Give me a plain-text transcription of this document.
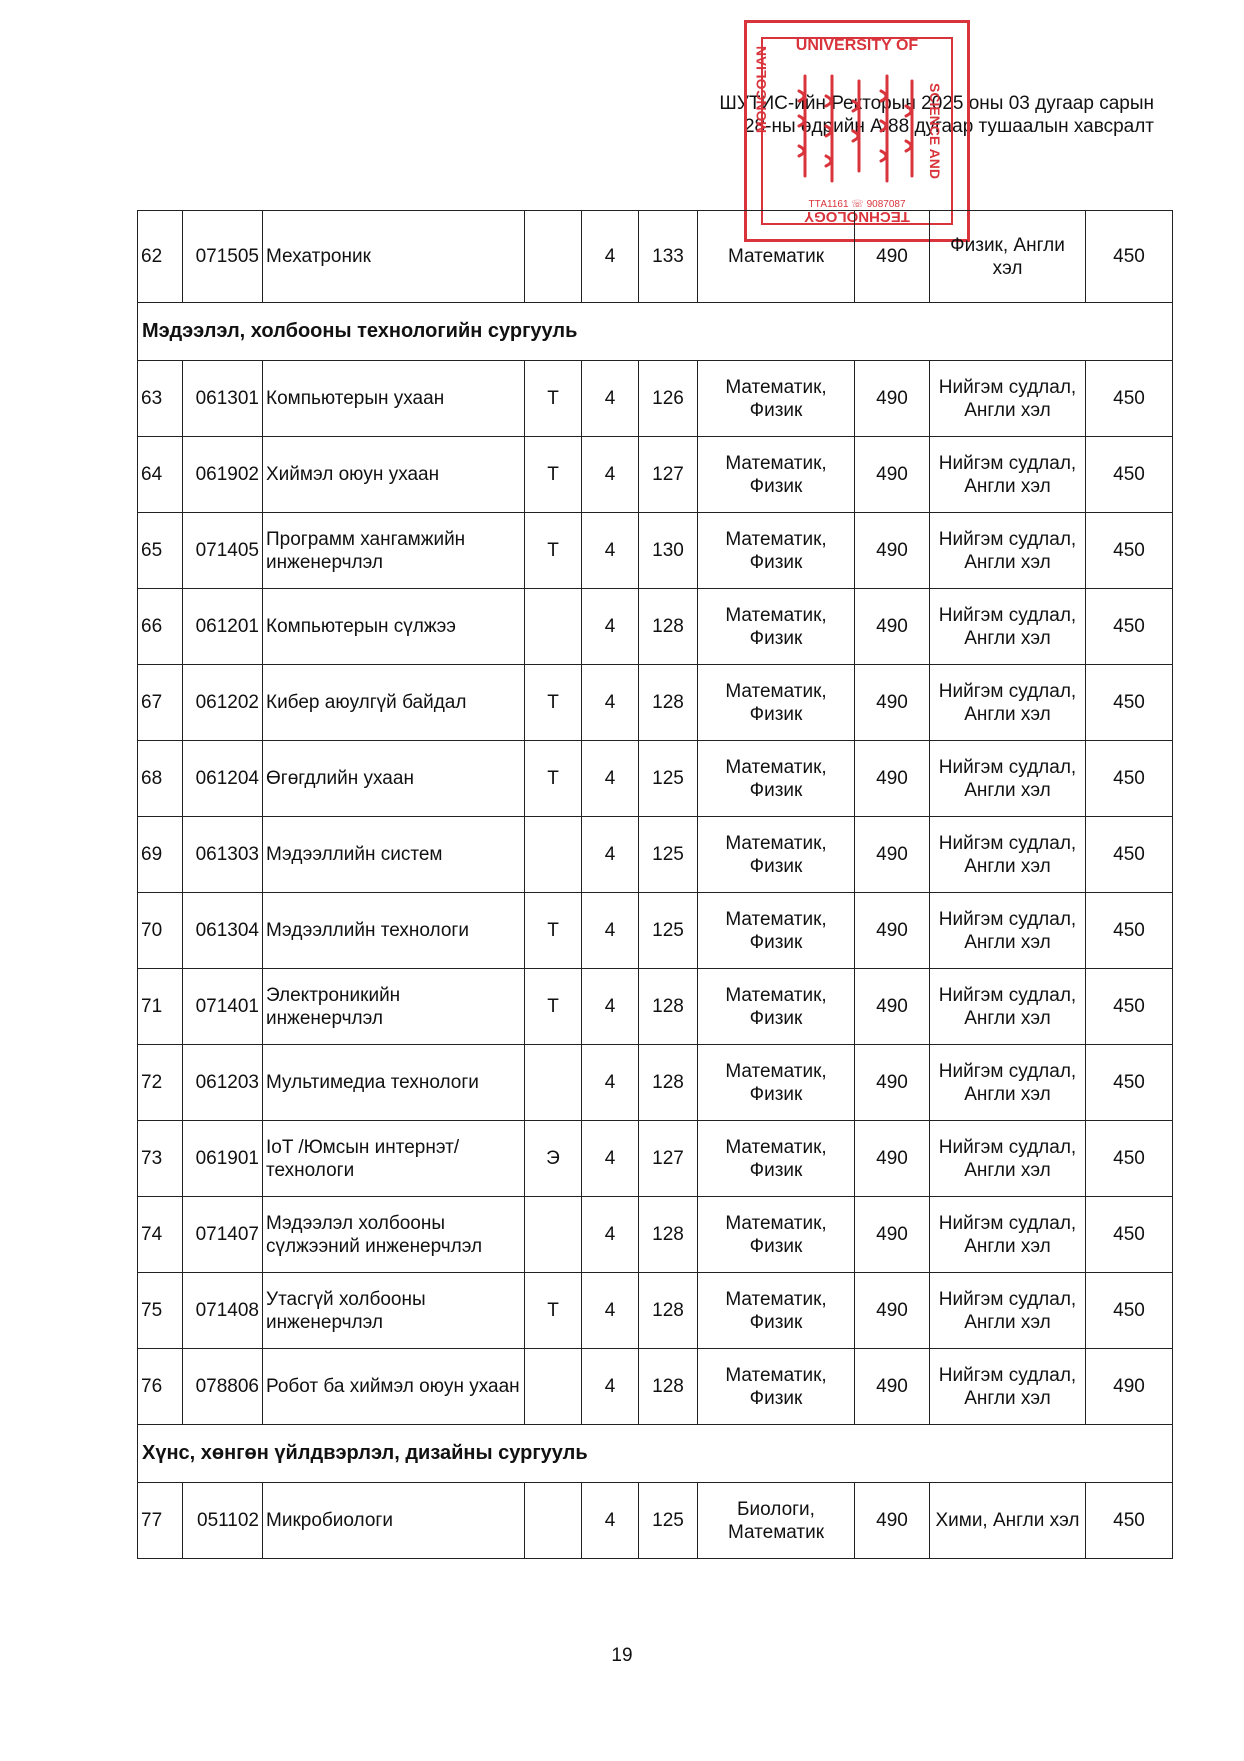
ШУТИС-ийн Ректорын 2025 оны 03 дугаар сарын
28-ны өдрийн А/88 дугаар тушаалын хавсралт
UNIVERSITY OF
MONGOLIAN	SCIENCE AND
ТТА1161 ☏ 9087087
TECHNOLOGY
62	071505	Мехатроник		4	133	Математик	490	Физик, Англи хэл	450
Мэдээлэл, холбооны технологийн сургууль									
63	061301	Компьютерын ухаан	Т	4	126	Математик, Физик	490	Нийгэм судлал, Англи хэл	450
64	061902	Хиймэл оюун ухаан	Т	4	127	Математик, Физик	490	Нийгэм судлал, Англи хэл	450
65	071405	Программ хангамжийн инженерчлэл	Т	4	130	Математик, Физик	490	Нийгэм судлал, Англи хэл	450
66	061201	Компьютерын сүлжээ		4	128	Математик, Физик	490	Нийгэм судлал, Англи хэл	450
67	061202	Кибер аюулгүй байдал	Т	4	128	Математик, Физик	490	Нийгэм судлал, Англи хэл	450
68	061204	Өгөгдлийн ухаан	Т	4	125	Математик, Физик	490	Нийгэм судлал, Англи хэл	450
69	061303	Мэдээллийн систем		4	125	Математик, Физик	490	Нийгэм судлал, Англи хэл	450
70	061304	Мэдээллийн технологи	Т	4	125	Математик, Физик	490	Нийгэм судлал, Англи хэл	450
71	071401	Электроникийн инженерчлэл	Т	4	128	Математик, Физик	490	Нийгэм судлал, Англи хэл	450
72	061203	Мультимедиа технологи		4	128	Математик, Физик	490	Нийгэм судлал, Англи хэл	450
73	061901	IoT /Юмсын интернэт/ технологи	Э	4	127	Математик, Физик	490	Нийгэм судлал, Англи хэл	450
74	071407	Мэдээлэл холбооны сүлжээний инженерчлэл		4	128	Математик, Физик	490	Нийгэм судлал, Англи хэл	450
75	071408	Утасгүй холбооны инженерчлэл	Т	4	128	Математик, Физик	490	Нийгэм судлал, Англи хэл	450
76	078806	Робот ба хиймэл оюун ухаан		4	128	Математик, Физик	490	Нийгэм судлал, Англи хэл	490
Хүнс, хөнгөн үйлдвэрлэл, дизайны сургууль									
77	051102	Микробиологи		4	125	Биологи, Математик	490	Хими, Англи хэл	450
19
